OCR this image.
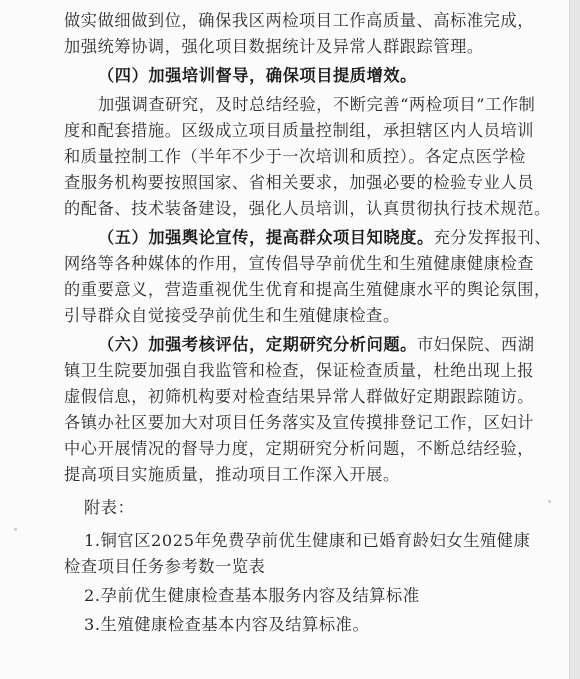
做实做细做到位，确保我区两检项目工作高质量、高标准完成，
加强统筹协调，强化项目数据统计及异常人群跟踪管理。
（四）加强培训督导，确保项目提质增效。
加强调查研究，及时总结经验，不断完善“两检项目”工作制
度和配套措施。区级成立项目质量控制组，承担辖区内人员培训
和质量控制工作（半年不少于一次培训和质控）。各定点医学检
查服务机构要按照国家、省相关要求，加强必要的检验专业人员
的配备、技术装备建设，强化人员培训，认真贯彻执行技术规范。
（五）加强舆论宣传，提高群众项目知晓度。充分发挥报刊、
网络等各种媒体的作用，宣传倡导孕前优生和生殖健康健康检查
的重要意义，营造重视优生优育和提高生殖健康水平的舆论氛围，
引导群众自觉接受孕前优生和生殖健康检查。
（六）加强考核评估，定期研究分析问题。市妇保院、西湖
镇卫生院要加强自我监管和检查，保证检查质量，杜绝出现上报
虚假信息，初筛机构要对检查结果异常人群做好定期跟踪随访。
各镇办社区要加大对项目任务落实及宣传摸排登记工作，区妇计
中心开展情况的督导力度，定期研究分析问题，不断总结经验，
提高项目实施质量，推动项目工作深入开展。
附表：
1.铜官区2025年免费孕前优生健康和已婚育龄妇女生殖健康
检查项目任务参考数一览表
2.孕前优生健康检查基本服务内容及结算标准
3.生殖健康检查基本内容及结算标准。
